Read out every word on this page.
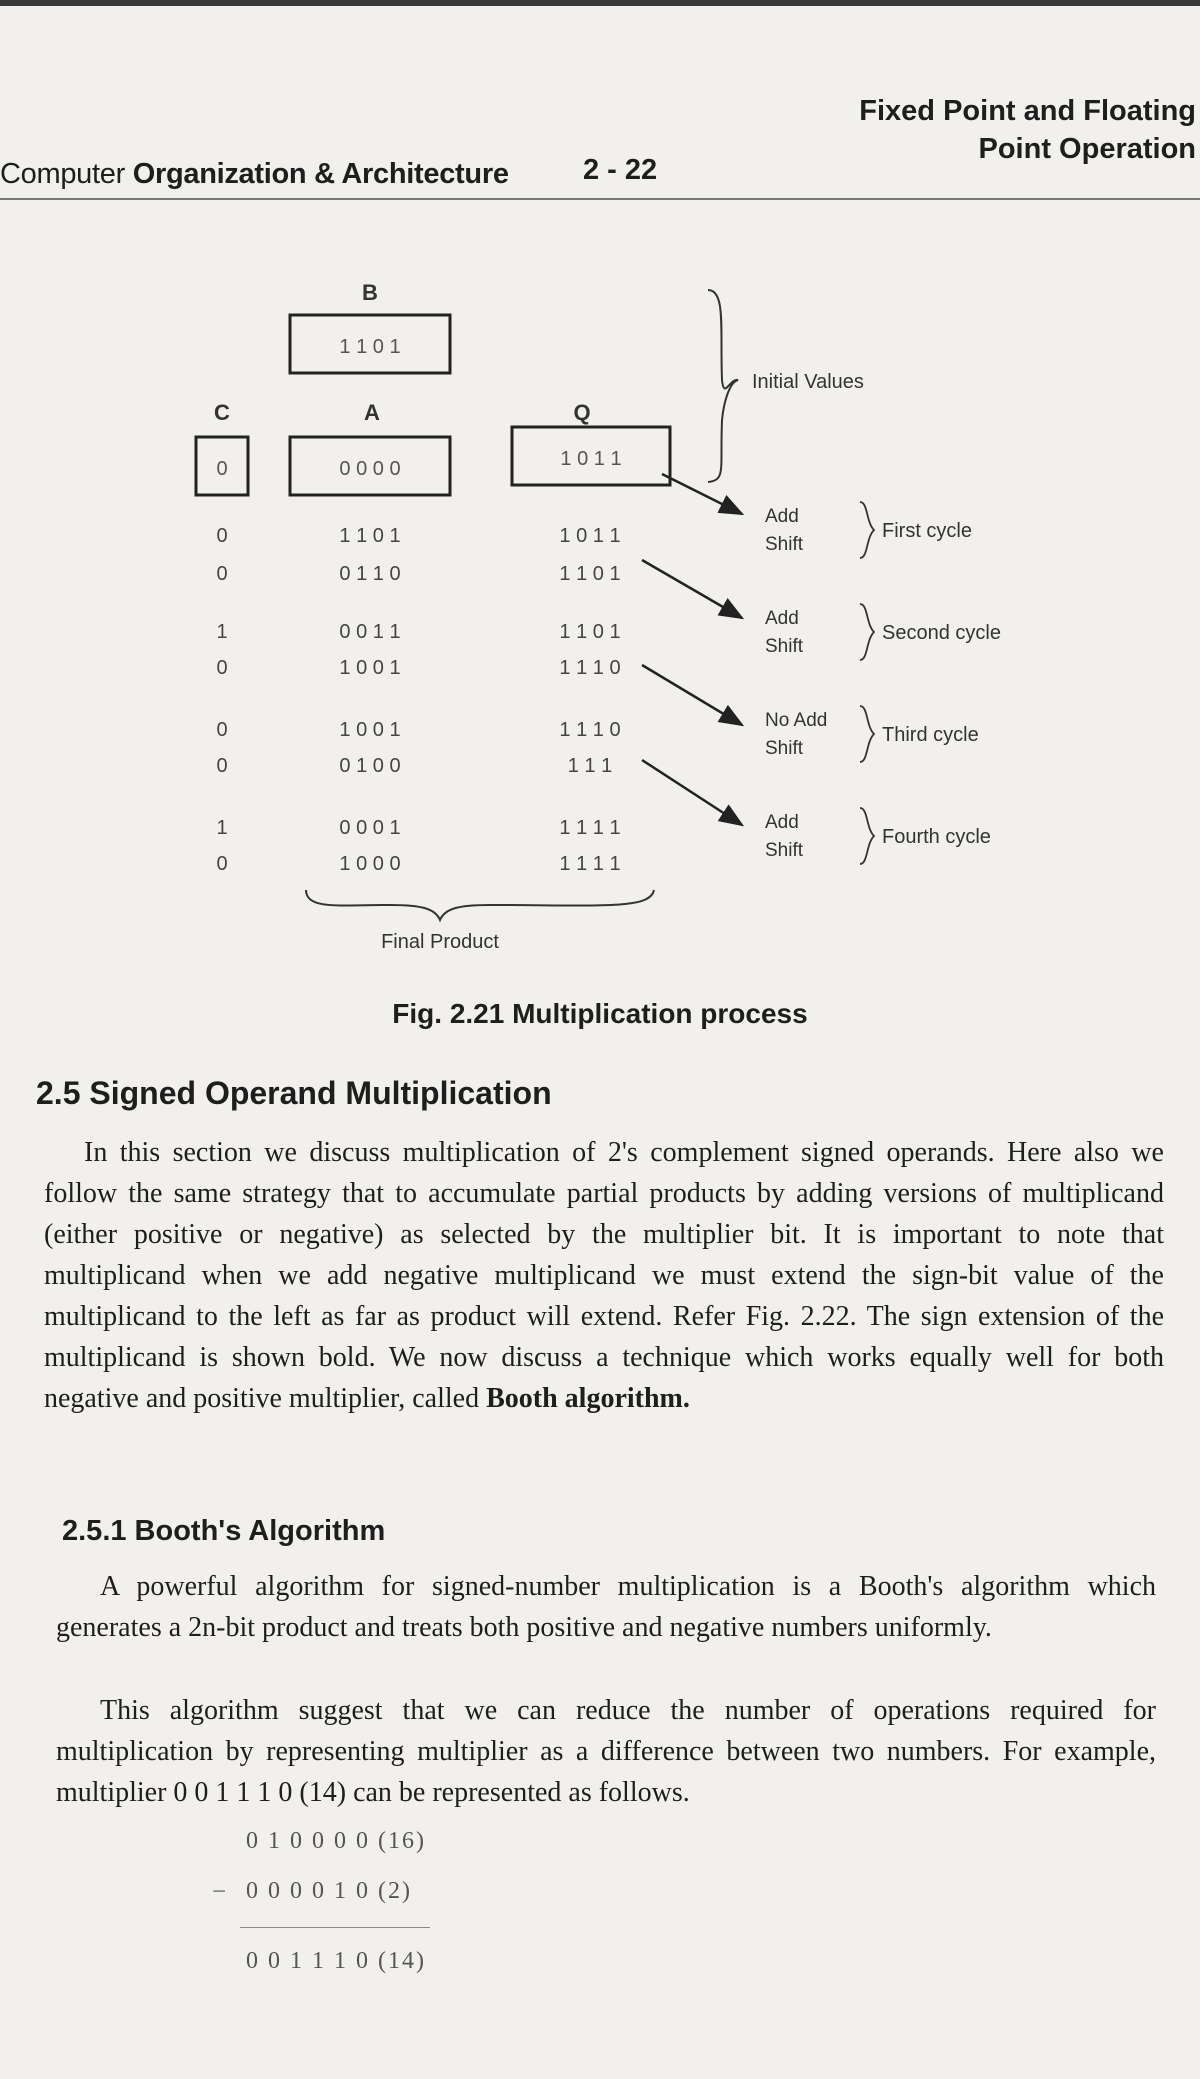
Computer Organization & Architecture	2 - 22
Fixed Point and Floating
Point Operation
B
C	A	Q
1 1 0 1
0	0 0 0 0	1 0 1 1
Initial Values
0	1 1 0 1	1 0 1 1
0	0 1 1 0	1 1 0 1
1	0 0 1 1	1 1 0 1
0	1 0 0 1	1 1 1 0
0	1 0 0 1	1 1 1 0
0	0 1 0 0	1 1 1
1	0 0 0 1	1 1 1 1
0	1 0 0 0	1 1 1 1
Add
Shift
First cycle
Add
Shift
Second cycle
No Add
Shift
Third cycle
Add
Shift
Fourth cycle
Final Product
Fig. 2.21 Multiplication process
2.5 Signed Operand Multiplication
In this section we discuss multiplication of 2's complement signed operands. Here also we follow the same strategy that to accumulate partial products by adding versions of multiplicand (either positive or negative) as selected by the multiplier bit. It is important to note that multiplicand when we add negative multiplicand we must extend the sign-bit value of the multiplicand to the left as far as product will extend. Refer Fig. 2.22. The sign extension of the multiplicand is shown bold. We now discuss a technique which works equally well for both negative and positive multiplier, called Booth algorithm.
2.5.1 Booth's Algorithm
A powerful algorithm for signed-number multiplication is a Booth's algorithm which generates a 2n-bit product and treats both positive and negative numbers uniformly.
This algorithm suggest that we can reduce the number of operations required for multiplication by representing multiplier as a difference between two numbers. For example, multiplier 0 0 1 1 1 0 (14) can be represented as follows.
0 1 0 0 0 0 (16)
− 0 0 0 0 1 0 (2)
0 0 1 1 1 0 (14)
